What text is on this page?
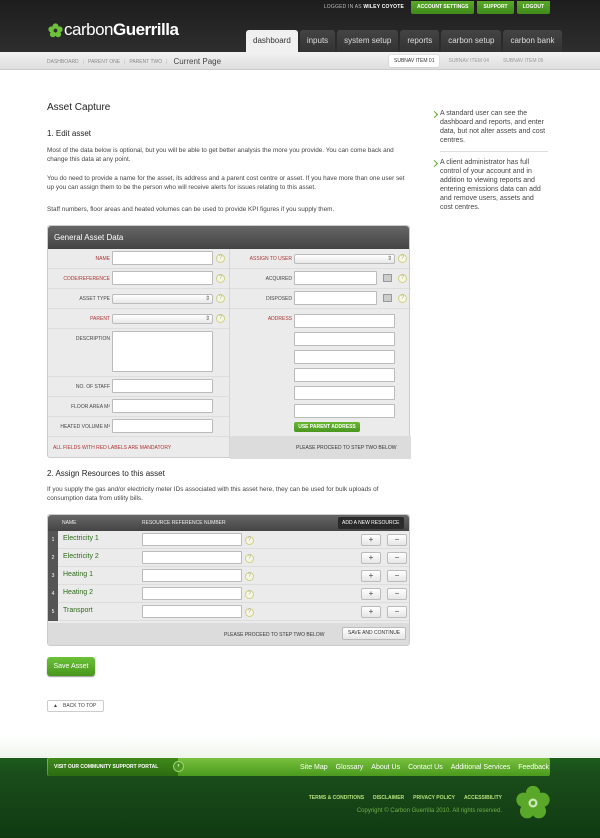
LOGGED IN AS WILEY COYOTE	ACCOUNT SETTINGS	SUPPORT	LOGOUT
carbon Guerrilla
dashboard	inputs	system setup	reports	carbon setup	carbon bank
DASHBOARD | PARENT ONE | PARENT TWO | Current Page	SUBNAV ITEM 01	SUBNAV ITEM 04	SUBNAV ITEM 05
Asset Capture
1. Edit asset
Most of the data below is optional, but you will be able to get better analysis the more you provide. You can come back and change this data at any point.
You do need to provide a name for the asset, its address and a parent cost centre or asset. If you have more than one user set up you can assign them to be the person who will receive alerts for issues relating to this asset.
Staff numbers, floor areas and heated volumes can be used to provide KPI figures if you supply them.
A standard user can see the dashboard and reports, and enter data, but not alter assets and cost centres.
A client administrator has full control of your account and in addition to viewing reports and entering emissions data can add and remove users, assets and cost centres.
General Asset Data
NAME	?
CODE/REFERENCE	?
ASSET TYPE ⇕	?
PARENT ⇕	?
DESCRIPTION
NO. OF STAFF
FLOOR AREA M²
HEATED VOLUME M³
ALL FIELDS WITH RED LABELS ARE MANDATORY
ASSIGN TO USER ⇕	?
ACQUIRED	?
DISPOSED	?
ADDRESS
USE PARENT ADDRESS
PLEASE PROCEED TO STEP TWO BELOW
2. Assign Resources to this asset
If you supply the gas and/or electricity meter IDs associated with this asset here, they can be used for bulk uploads of consumption data from utility bills.
NAME	RESOURCE REFERENCE NUMBER	ADD A NEW RESOURCE
1	Electricity 1	?	+	−
2	Electricity 2	?	+	−
3	Heating 1	?	+	−
4	Heating 2	?	+	−
5	Transport	?	+	−
PLEASE PROCEED TO STEP TWO BELOW	SAVE AND CONTINUE
Save Asset
▲ BACK TO TOP
VISIT OUR COMMUNITY SUPPORT PORTAL	›	Site Map Glossary About Us Contact Us Additional Services Feedback
TERMS & CONDITIONS DISCLAIMER PRIVACY POLICY ACCESSIBILITY
Copyright © Carbon Guerrilla 2010. All rights reserved.
